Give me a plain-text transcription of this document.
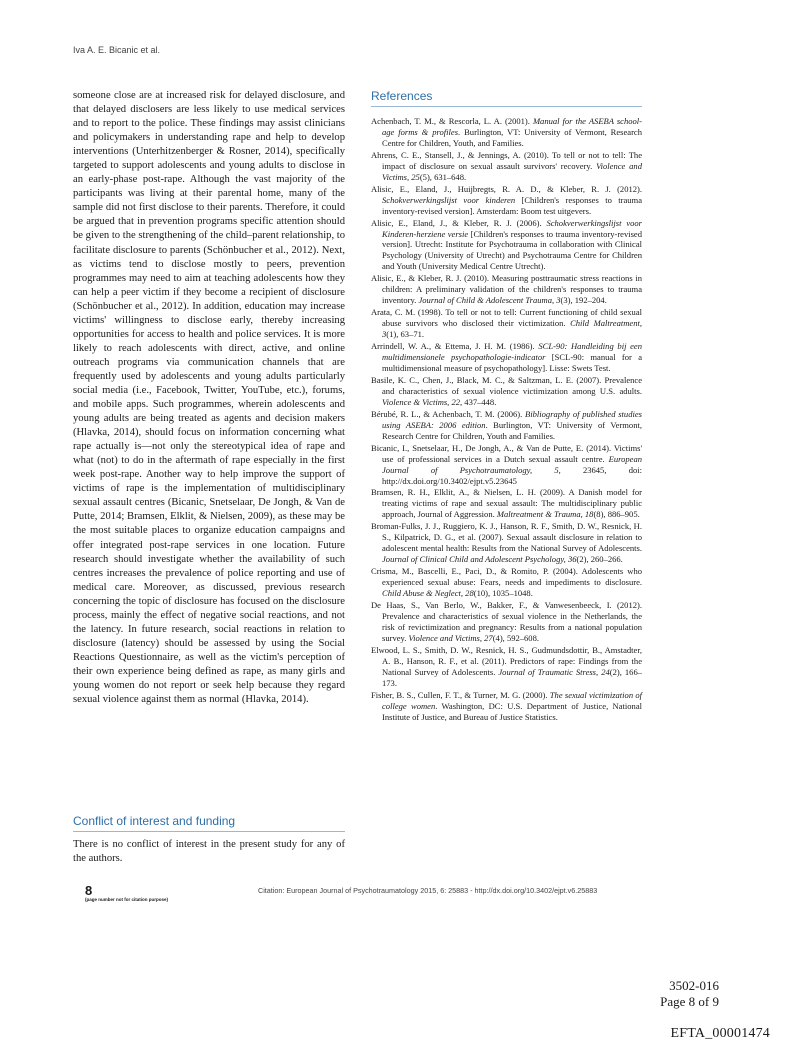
Iva A. E. Bicanic et al.

someone close are at increased risk for delayed disclosure, and that delayed disclosers are less likely to use medical services and to report to the police. These findings may assist clinicians and policymakers in understanding rape and help to develop interventions (Unterhitzenberger & Rosner, 2014), specifically targeted to support adolescents and young adults to disclose in an early-phase post-rape. Although the vast majority of the participants was living at their parental home, many of the sample did not first disclose to their parents. Therefore, it could be argued that in prevention programs specific attention should be given to the strengthening of the child–parent relationship, to facilitate disclosure to parents (Schönbucher et al., 2012). Next, as victims tend to disclose mostly to peers, prevention programmes may need to aim at teaching adolescents how they can help a peer victim if they become a recipient of disclosure (Schönbucher et al., 2012). In addition, education may increase victims' willingness to disclose early, thereby increasing opportunities for access to health and police services. It is more likely to reach adolescents with direct, active, and online outreach programs via communication channels that are frequently used by adolescents and young adults particularly social media (i.e., Facebook, Twitter, YouTube, etc.), forums, and mobile apps. Such programmes, wherein adolescents and young adults are being treated as agents and decision makers (Hlavka, 2014), should focus on information concerning what rape actually is—not only the stereotypical idea of rape and what (not) to do in the aftermath of rape especially in the first week post-rape. Another way to help improve the support of victims of rape is the implementation of multidisciplinary sexual assault centres (Bicanic, Snetselaar, De Jongh, & Van de Putte, 2014; Bramsen, Elklit, & Nielsen, 2009), as these may be the most suitable places to organize education campaigns and offer integrated post-rape services in one location. Future research should investigate whether the availability of such centres increases the prevalence of police reporting and use of medical care. Moreover, as discussed, previous research concerning the topic of disclosure has focused on the disclosure process, mainly the effect of negative social reactions, and not the latency. In future research, social reactions in relation to disclosure (latency) should be assessed by using the Social Reactions Questionnaire, as well as the victim's perception of their own experience being defined as rape, as many girls and young women do not report or seek help because they regard sexual violence against them as normal (Hlavka, 2014).

Conflict of interest and funding

There is no conflict of interest in the present study for any of the authors.

References
Achenbach, T. M., & Rescorla, L. A. (2001). Manual for the ASEBA school-age forms & profiles. Burlington, VT: University of Vermont, Research Centre for Children, Youth, and Families.
Ahrens, C. E., Stansell, J., & Jennings, A. (2010). To tell or not to tell: The impact of disclosure on sexual assault survivors' recovery. Violence and Victims, 25(5), 631–648.
Alisic, E., Eland, J., Huijbregts, R. A. D., & Kleber, R. J. (2012). Schokverwerkingslijst voor kinderen [Children's responses to trauma inventory-revised version]. Amsterdam: Boom test uitgevers.
Alisic, E., Eland, J., & Kleber, R. J. (2006). Schokverwerkingslijst voor Kinderen-herziene versie [Children's responses to trauma inventory-revised version]. Utrecht: Institute for Psychotrauma in collaboration with Clinical Psychology (University of Utrecht) and Psychotrauma Centre for Children and Youth (University Medical Centre Utrecht).
Alisic, E., & Kleber, R. J. (2010). Measuring posttraumatic stress reactions in children: A preliminary validation of the children's responses to trauma inventory. Journal of Child & Adolescent Trauma, 3(3), 192–204.
Arata, C. M. (1998). To tell or not to tell: Current functioning of child sexual abuse survivors who disclosed their victimization. Child Maltreatment, 3(1), 63–71.
Arrindell, W. A., & Ettema, J. H. M. (1986). SCL-90: Handleiding bij een multidimensionele psychopathologie-indicator [SCL-90: manual for a multidimensional measure of psychopathology]. Lisse: Swets Test.
Basile, K. C., Chen, J., Black, M. C., & Saltzman, L. E. (2007). Prevalence and characteristics of sexual violence victimization among U.S. adults. Violence & Victims, 22, 437–448.
Bérubé, R. L., & Achenbach, T. M. (2006). Bibliography of published studies using ASEBA: 2006 edition. Burlington, VT: University of Vermont, Research Centre for Children, Youth and Families.
Bicanic, I., Snetselaar, H., De Jongh, A., & Van de Putte, E. (2014). Victims' use of professional services in a Dutch sexual assault centre. European Journal of Psychotraumatology, 5, 23645, doi: http://dx.doi.org/10.3402/ejpt.v5.23645
Bramsen, R. H., Elklit, A., & Nielsen, L. H. (2009). A Danish model for treating victims of rape and sexual assault: The multidisciplinary public approach, Journal of Aggression. Maltreatment & Trauma, 18(8), 886–905.
Broman-Fulks, J. J., Ruggiero, K. J., Hanson, R. F., Smith, D. W., Resnick, H. S., Kilpatrick, D. G., et al. (2007). Sexual assault disclosure in relation to adolescent mental health: Results from the National Survey of Adolescents. Journal of Clinical Child and Adolescent Psychology, 36(2), 260–266.
Crisma, M., Bascelli, E., Paci, D., & Romito, P. (2004). Adolescents who experienced sexual abuse: Fears, needs and impediments to disclosure. Child Abuse & Neglect, 28(10), 1035–1048.
De Haas, S., Van Berlo, W., Bakker, F., & Vanwesenbeeck, I. (2012). Prevalence and characteristics of sexual violence in the Netherlands, the risk of revictimization and pregnancy: Results from a national population survey. Violence and Victims, 27(4), 592–608.
Elwood, L. S., Smith, D. W., Resnick, H. S., Gudmundsdottir, B., Amstadter, A. B., Hanson, R. F., et al. (2011). Predictors of rape: Findings from the National Survey of Adolescents. Journal of Traumatic Stress, 24(2), 166–173.
Fisher, B. S., Cullen, F. T., & Turner, M. G. (2000). The sexual victimization of college women. Washington, DC: U.S. Department of Justice, National Institute of Justice, and Bureau of Justice Statistics.
8
(page number not for citation purpose)
Citation: European Journal of Psychotraumatology 2015, 6: 25883 - http://dx.doi.org/10.3402/ejpt.v6.25883
3502-016
Page 8 of 9
EFTA_00001474
